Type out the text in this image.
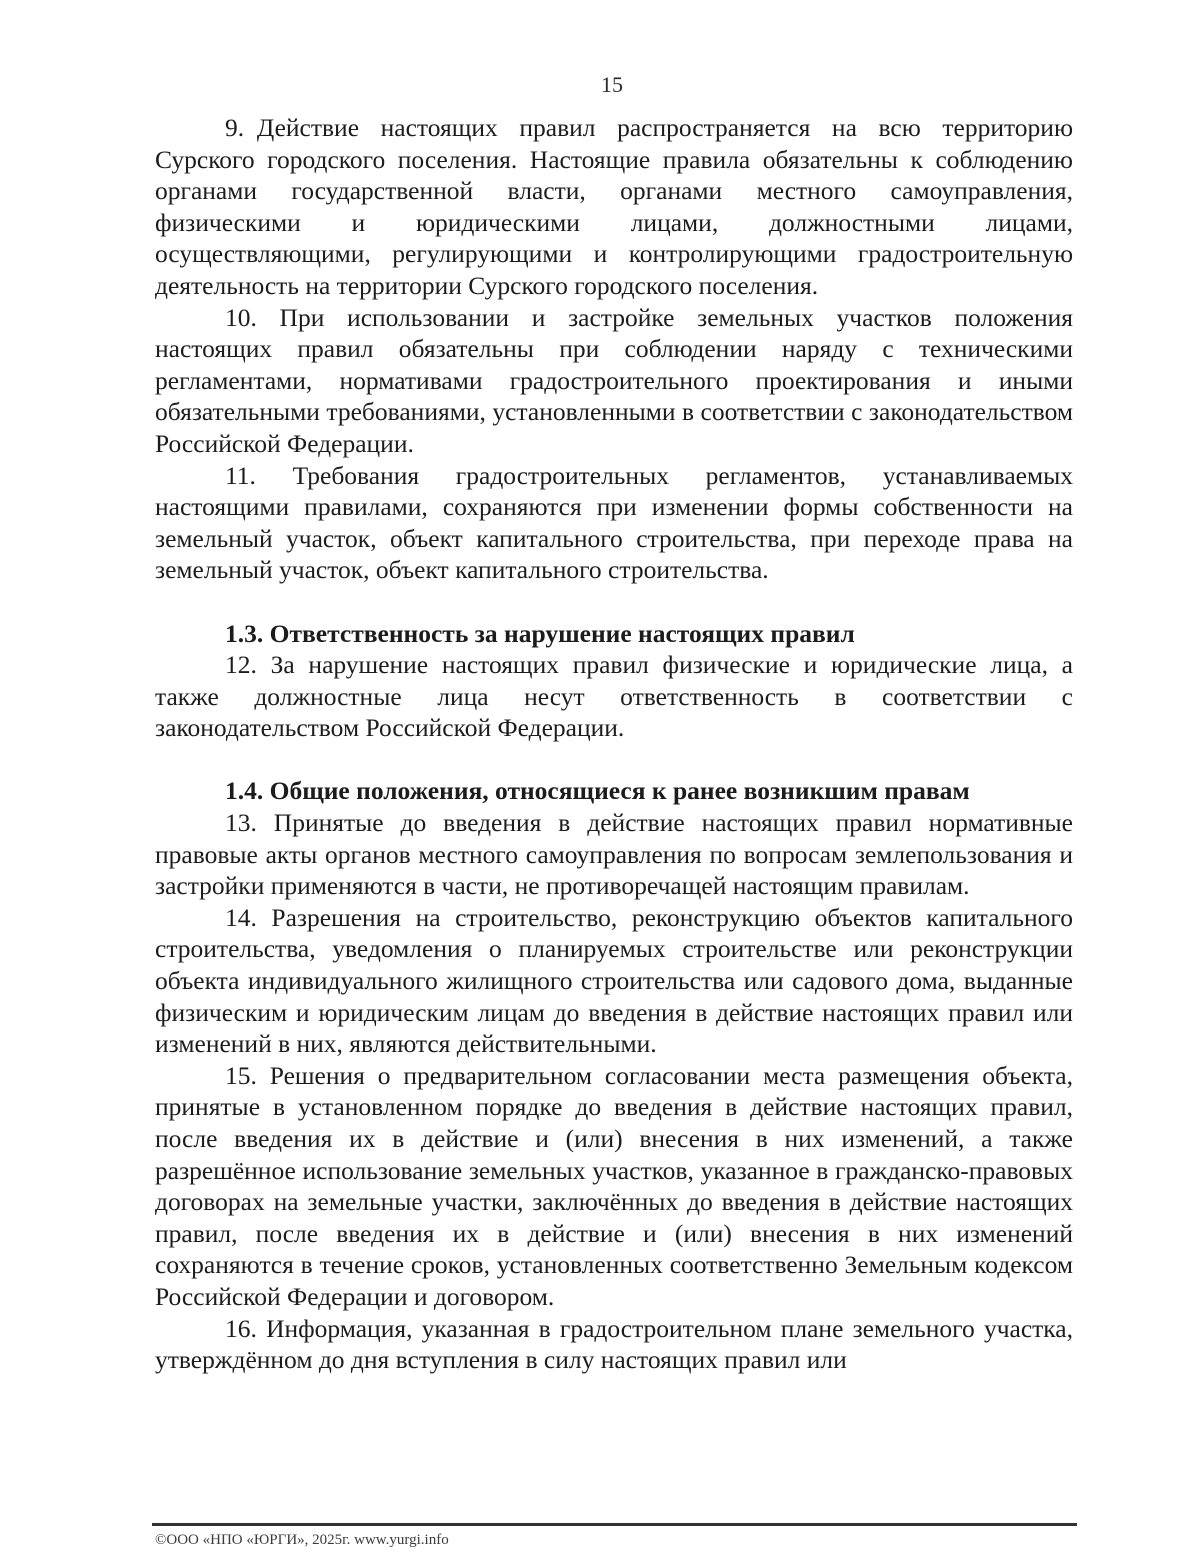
15

9. Действие настоящих правил распространяется на всю территорию Сурского городского поселения. Настоящие правила обязательны к соблюдению органами государственной власти, органами местного самоуправления, физическими и юридическими лицами, должностными лицами, осуществляющими, регулирующими и контролирующими градостроительную деятельность на территории Сурского городского поселения.

10. При использовании и застройке земельных участков положения настоящих правил обязательны при соблюдении наряду с техническими регламентами, нормативами градостроительного проектирования и иными обязательными требованиями, установленными в соответствии с законодательством Российской Федерации.

11. Требования градостроительных регламентов, устанавливаемых настоящими правилами, сохраняются при изменении формы собственности на земельный участок, объект капитального строительства, при переходе права на земельный участок, объект капитального строительства.

1.3. Ответственность за нарушение настоящих правил

12. За нарушение настоящих правил физические и юридические лица, а также должностные лица несут ответственность в соответствии с законодательством Российской Федерации.

1.4. Общие положения, относящиеся к ранее возникшим правам

13. Принятые до введения в действие настоящих правил нормативные правовые акты органов местного самоуправления по вопросам землепользования и застройки применяются в части, не противоречащей настоящим правилам.

14. Разрешения на строительство, реконструкцию объектов капитального строительства, уведомления о планируемых строительстве или реконструкции объекта индивидуального жилищного строительства или садового дома, выданные физическим и юридическим лицам до введения в действие настоящих правил или изменений в них, являются действительными.

15. Решения о предварительном согласовании места размещения объекта, принятые в установленном порядке до введения в действие настоящих правил, после введения их в действие и (или) внесения в них изменений, а также разрешённое использование земельных участков, указанное в гражданско-правовых договорах на земельные участки, заключённых до введения в действие настоящих правил, после введения их в действие и (или) внесения в них изменений сохраняются в течение сроков, установленных соответственно Земельным кодексом Российской Федерации и договором.

16. Информация, указанная в градостроительном плане земельного участка, утверждённом до дня вступления в силу настоящих правил или

©ООО «НПО «ЮРГИ», 2025г. www.yurgi.info
